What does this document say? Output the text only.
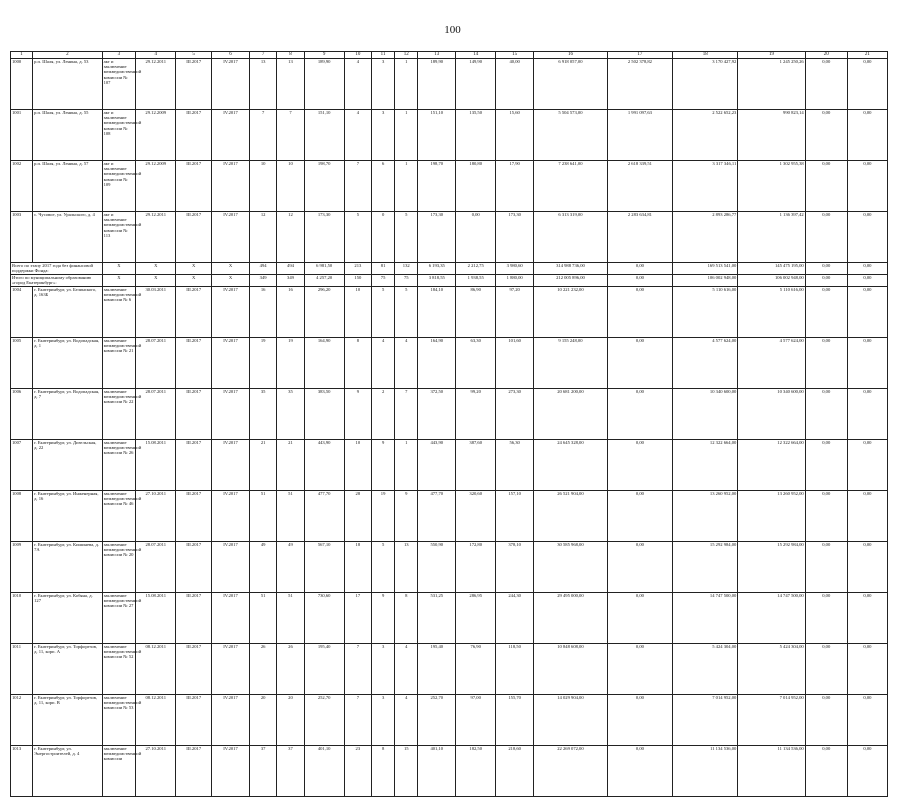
100
1	2	3	4	5	6	7	8	9	10	11	12	13	14	15	16	17	18	19	20	21
1000	р.п. Шаля, ул. Ленина, д. 53	акт и заключение межведомственной комиссии № 107	29.12.2011	III.2017	IV.2017	13	13	189,90	4	3	1	189,90	149,90	40,00	6 918 057,00	2 502 378,82	3 170 427,92	1 245 250,26	0,00	0,00
1001	р.п. Шаля, ул. Ленина, д. 55	акт и заключение межведомственной комиссии № 108	29.12.2009	III.2017	IV.2017	7	7	151,10	4	3	1	151,10	135,50	15,60	5 504 573,00	1 991 097,63	2 522 652,23	990 823,14	0,00	0,00
1002	р.п. Шаля, ул. Ленина, д. 57	акт и заключение межведомственной комиссии № 109	29.12.2009	III.2017	IV.2017	10	10	198,70	7	6	1	198,70	180,80	17,90	7 238 641,00	2 618 339,51	3 317 346,11	1 302 955,38	0,00	0,00
1003	с. Чусовое, ул. Уральского, д. 4	акт и заключение межведомственной комиссии № 113	29.12.2011	III.2017	IV.2017	12	12	173,30	5	0	5	173,30	0,00	173,30	6 313 319,00	2 283 634,81	2 893 286,77	1 136 397,42	0,00	0,00
Всего по этапу 2017 года без финансовой поддержки Фонда:		X	X	X	X	494	494	6 981,50	213	81	132	6 193,35	2 212,75	3 980,60	314 988 736,00	0,00	169 513 541,00	145 475 195,00	0,00	0,00
Итого по муниципальному образованию «город Екатеринбург»:		X	X	X	X	349	349	4 257,20	150	75	75	3 818,55	1 938,55	1 880,00	212 005 896,00	0,00	106 002 948,00	106 002 948,00	0,00	0,00
1004	г. Екатеринбург, ул. Белинского, д. 163Б	заключение межведомственной комиссии № 6	30.03.2011	III.2017	IV.2017	16	16	296,20	10	5	5	184,10	86,90	97,20	10 221 232,00	0,00	5 110 616,00	5 110 616,00	0,00	0,00
1005	г. Екатеринбург, ул. Водопадская, д. 1	заключение межведомственной комиссии № 21	28.07.2011	III.2017	IV.2017	19	19	164,90	8	4	4	164,90	63,30	101,60	9 155 248,00	0,00	4 577 624,00	4 577 624,00	0,00	0,00
1006	г. Екатеринбург, ул. Водопадская, д. 7	заключение межведомственной комиссии № 22	28.07.2011	III.2017	IV.2017	35	35	383,50	9	2	7	372,50	99,20	273,30	20 681 200,00	0,00	10 340 600,00	10 340 600,00	0,00	0,00
1007	г. Екатеринбург, ул. Дизельская, д. 22	заключение межведомственной комиссии № 26	15.08.2011	III.2017	IV.2017	21	21	443,90	10	9	1	443,90	387,60	56,30	24 645 328,00	0,00	12 322 664,00	12 322 664,00	0,00	0,00
1008	г. Екатеринбург, ул. Инженерная, д. 16	заключение межведомственной комиссии № 46	27.10.2011	III.2017	IV.2017	51	51	477,70	28	19	9	477,70	320,60	157,10	26 521 904,00	0,00	13 260 952,00	13 260 952,00	0,00	0,00
1009	г. Екатеринбург, ул. Кишинева, д. 7А	заключение межведомственной комиссии № 20	28.07.2011	III.2017	IV.2017	49	49	567,10	18	5	13	550,90	172,80	378,10	30 585 968,00	0,00	15 292 984,00	15 292 984,00	0,00	0,00
1010	г. Екатеринбург, ул. Кобяна, д. 127	заключение межведомственной комиссии № 27	15.08.2011	III.2017	IV.2017	51	51	730,60	17	9	8	531,25	286,95	244,30	29 495 000,00	0,00	14 747 500,00	14 747 500,00	0,00	0,00
1011	г. Екатеринбург, ул. Торфорезов, д. 11, корп. А	заключение межведомственной комиссии № 52	08.12.2011	III.2017	IV.2017	26	26	195,40	7	3	4	195,40	76,90	118,50	10 848 608,00	0,00	5 424 304,00	5 424 304,00	0,00	0,00
1012	г. Екатеринбург, ул. Торфорезов, д. 11, корп. В	заключение межведомственной комиссии № 53	08.12.2011	III.2017	IV.2017	20	20	252,70	7	3	4	252,70	97,00	155,70	14 029 904,00	0,00	7 014 952,00	7 014 952,00	0,00	0,00
1013	г. Екатеринбург, ул. Энергостроителей, д. 4	заключение межведомственной комиссии	27.10.2011	III.2017	IV.2017	37	37	401,10	23	8	15	401,10	182,50	218,60	22 269 072,00	0,00	11 134 536,00	11 134 536,00	0,00	0,00
